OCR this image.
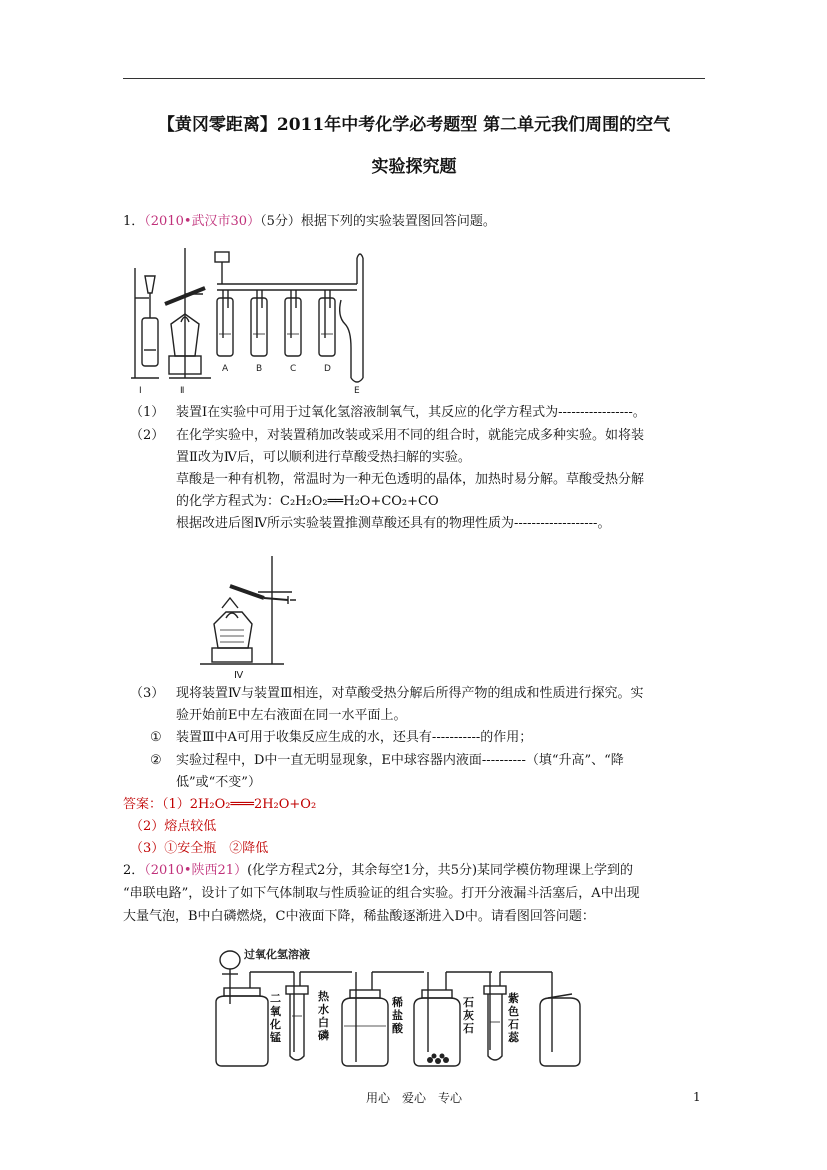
【黄冈零距离】2011年中考化学必考题型 第二单元我们周围的空气
实验探究题
1．（2010•武汉市30）（5分）根据下列的实验装置图回答问题。
Ⅰ	Ⅱ
A	B	C	D
E
（1） 装置Ⅰ在实验中可用于过氧化氢溶液制氧气，其反应的化学方程式为-----------------。
（2） 在化学实验中，对装置稍加改装或采用不同的组合时，就能完成多种实验。如将装
置Ⅱ改为Ⅳ后，可以顺利进行草酸受热扫解的实验。
草酸是一种有机物，常温时为一种无色透明的晶体，加热时易分解。草酸受热分解
的化学方程式为：C₂H₂O₂══H₂O+CO₂+CO
根据改进后图Ⅳ所示实验装置推测草酸还具有的物理性质为-------------------。
Ⅳ
（3） 现将装置Ⅳ与装置Ⅲ相连，对草酸受热分解后所得产物的组成和性质进行探究。实
验开始前E中左右液面在同一水平面上。
① 装置Ⅲ中A可用于收集反应生成的水，还具有-----------的作用；
② 实验过程中，D中一直无明显现象，E中球容器内液面----------（填“升高”、“降
低”或“不变”）
答案：（1）2H₂O₂═══2H₂O+O₂
（2）熔点较低
（3）①安全瓶　②降低
2．（2010•陕西21）(化学方程式2分，其余每空1分，共5分)某同学模仿物理课上学到的
“串联电路”，设计了如下气体制取与性质验证的组合实验。打开分液漏斗活塞后，A中出现
大量气泡，B中白磷燃烧，C中液面下降，稀盐酸逐渐进入D中。请看图回答问题：
过氧化氢溶液
二氧化锰
热水白磷
稀盐酸
石灰石
紫色石蕊
用心　爱心　专心	1
